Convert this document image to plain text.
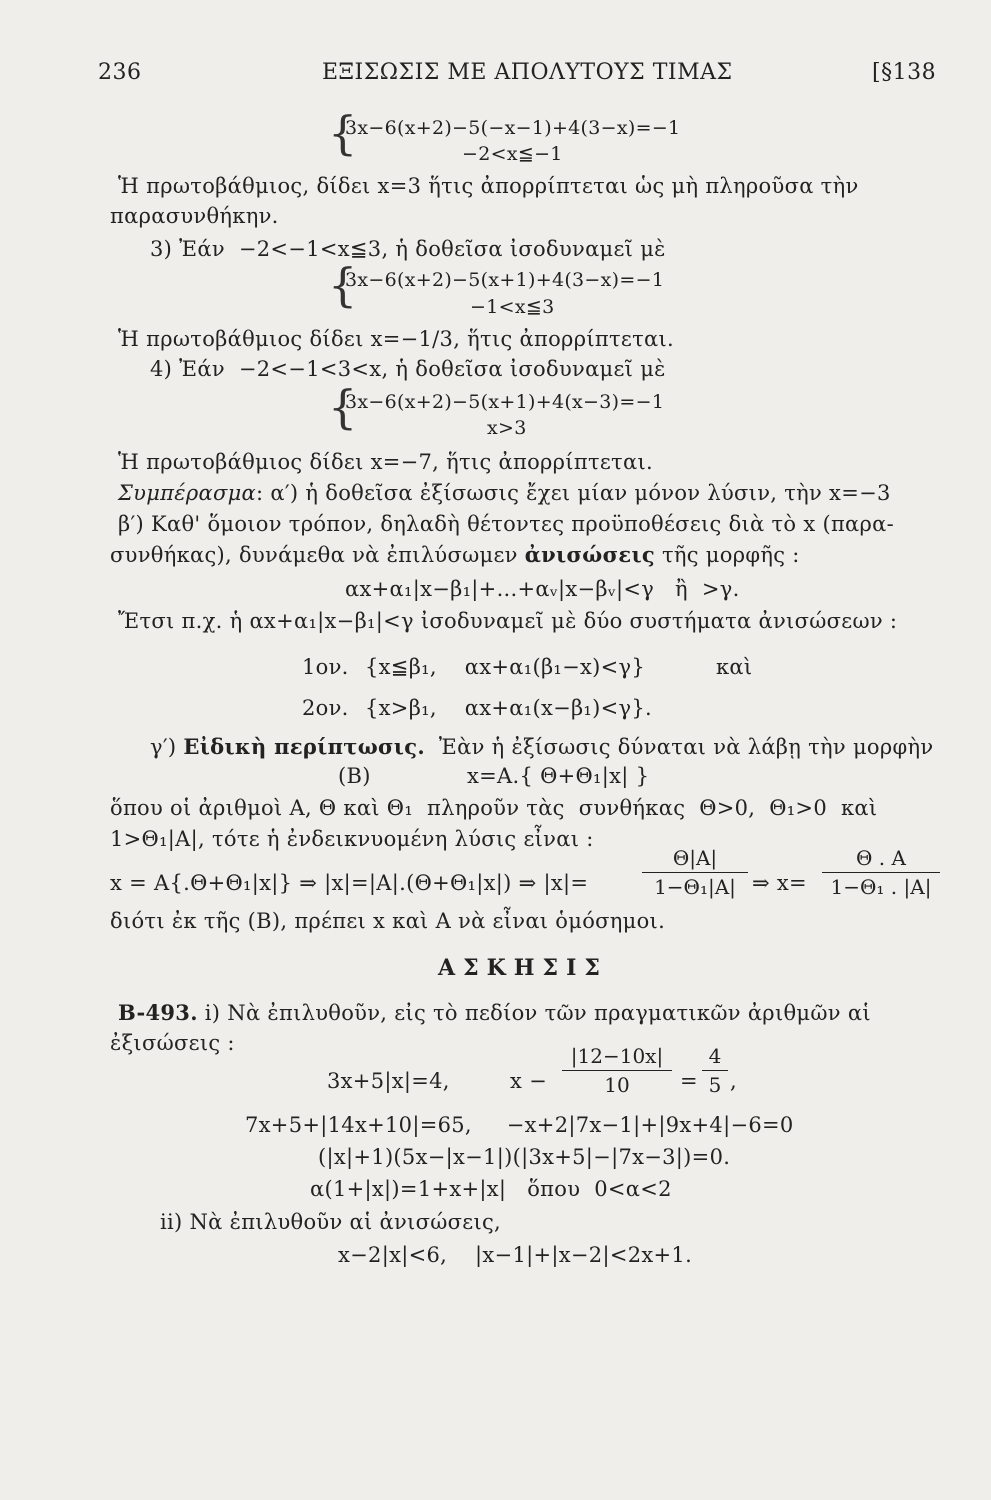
236	ΕΞΙΣΩΣΙΣ ΜΕ ΑΠΟΛΥΤΟΥΣ ΤΙΜΑΣ	[§138
{
3x−6(x+2)−5(−x−1)+4(3−x)=−1
−2<x≦−1
Ἡ πρωτοβάθμιος, δίδει x=3 ἥτις ἀπορρίπτεται ὡς μὴ πληροῦσα τὴν
παρασυνθήκην.
3) Ἐάν  −2<−1<x≦3, ἡ δοθεῖσα ἰσοδυναμεῖ μὲ
{
3x−6(x+2)−5(x+1)+4(3−x)=−1
−1<x≦3
Ἡ πρωτοβάθμιος δίδει x=−1/3, ἥτις ἀπορρίπτεται.
4) Ἐάν  −2<−1<3<x, ἡ δοθεῖσα ἰσοδυναμεῖ μὲ
{
3x−6(x+2)−5(x+1)+4(x−3)=−1
x>3
Ἡ πρωτοβάθμιος δίδει x=−7, ἥτις ἀπορρίπτεται.
Συμπέρασμα: α′) ἡ δοθεῖσα ἐξίσωσις ἔχει μίαν μόνον λύσιν, τὴν x=−3
β′) Καθ' ὅμοιον τρόπον, δηλαδὴ θέτοντες προϋποθέσεις διὰ τὸ x (παρα-
συνθήκας), δυνάμεθα νὰ ἐπιλύσωμεν ἀνισώσεις τῆς μορφῆς :
αx+α₁|x−β₁|+...+αᵥ|x−βᵥ|<γ   ἢ  >γ.
Ἔτσι π.χ. ἡ αx+α₁|x−β₁|<γ ἰσοδυναμεῖ μὲ δύο συστήματα ἀνισώσεων :
1ον. {x≦β₁,    αx+α₁(β₁−x)<γ}	καὶ
2ον. {x>β₁,    αx+α₁(x−β₁)<γ}.
γ′) Εἰδικὴ περίπτωσις.  Ἐὰν ἡ ἐξίσωσις δύναται νὰ λάβῃ τὴν μορφὴν
(B)	x=A.{ Θ+Θ₁|x| }
ὅπου οἱ ἀριθμοὶ Α, Θ καὶ Θ₁  πληροῦν τὰς  συνθήκας  Θ>0,  Θ₁>0  καὶ
1>Θ₁|A|, τότε ἡ ἐνδεικνυομένη λύσις εἶναι :
x = A{.Θ+Θ₁|x|} ⇒ |x|=|A|.(Θ+Θ₁|x|) ⇒ |x|=
Θ|A|
1−Θ₁|A| ⇒ x=
Θ . A
1−Θ₁ . |A|
διότι ἐκ τῆς (B), πρέπει x καὶ A νὰ εἶναι ὁμόσημοι.
ΑΣΚΗΣΙΣ
B-493. i) Νὰ ἐπιλυθοῦν, εἰς τὸ πεδίον τῶν πραγματικῶν ἀριθμῶν αἱ
ἐξισώσεις :
3x+5|x|=4,	x −
|12−10x|
10	=
4
5 ,
7x+5+|14x+10|=65,     −x+2|7x−1|+|9x+4|−6=0
(|x|+1)(5x−|x−1|)(|3x+5|−|7x−3|)=0.
α(1+|x|)=1+x+|x|   ὅπου  0<α<2
ii) Νὰ ἐπιλυθοῦν αἱ ἀνισώσεις,
x−2|x|<6,    |x−1|+|x−2|<2x+1.
